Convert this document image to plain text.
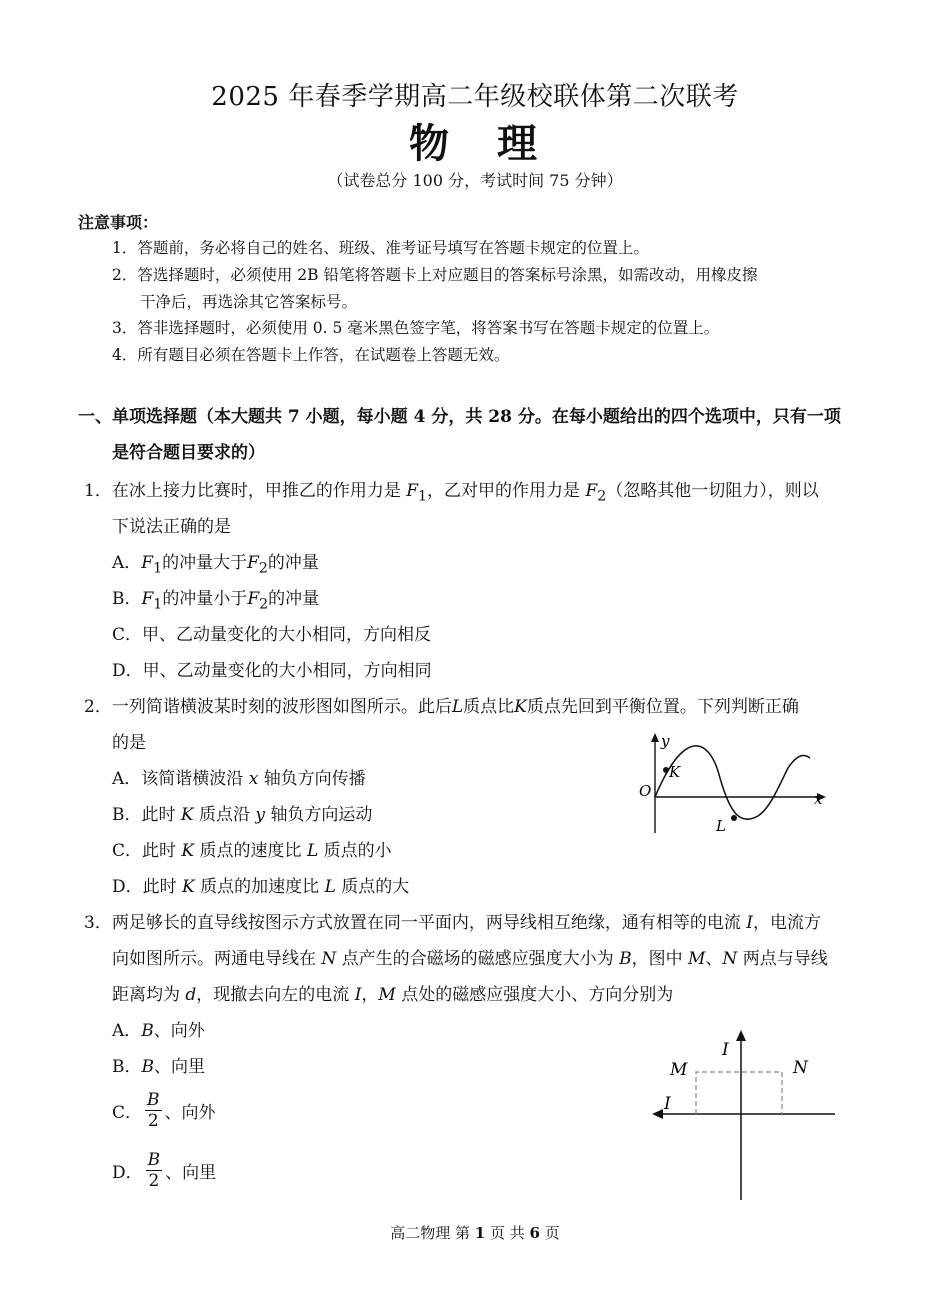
2025 年春季学期高二年级校联体第二次联考
物 理
（试卷总分 100 分，考试时间 75 分钟）
注意事项：
1．答题前，务必将自己的姓名、班级、准考证号填写在答题卡规定的位置上。
2．答选择题时，必须使用 2B 铅笔将答题卡上对应题目的答案标号涂黑，如需改动，用橡皮擦
干净后，再选涂其它答案标号。
3．答非选择题时，必须使用 0. 5 毫米黑色签字笔，将答案书写在答题卡规定的位置上。
4．所有题目必须在答题卡上作答，在试题卷上答题无效。
一、单项选择题（本大题共 7 小题，每小题 4 分，共 28 分。在每小题给出的四个选项中，只有一项
是符合题目要求的）
1．在冰上接力比赛时，甲推乙的作用力是 $F_1$，乙对甲的作用力是 $F_2$（忽略其他一切阻力），则以
下说法正确的是
A．$F_1$的冲量大于$F_2$的冲量
B．$F_1$的冲量小于$F_2$的冲量
C．甲、乙动量变化的大小相同，方向相反
D．甲、乙动量变化的大小相同，方向相同
2．一列简谐横波某时刻的波形图如图所示。此后L质点比K质点先回到平衡位置。下列判断正确
的是
A．该简谐横波沿 x 轴负方向传播
B．此时 K 质点沿 y 轴负方向运动
C．此时 K 质点的速度比 L 质点的小
D．此时 K 质点的加速度比 L 质点的大
K
L
O
y
x
3．两足够长的直导线按图示方式放置在同一平面内，两导线相互绝缘，通有相等的电流 I，电流方
向如图所示。两通电导线在 N 点产生的合磁场的磁感应强度大小为 B，图中 M、N 两点与导线
距离均为 d，现撤去向左的电流 I，M 点处的磁感应强度大小、方向分别为
A．B、向外
B．B、向里
C． $\frac{B}{2}$ 、向外
D． $\frac{B}{2}$ 、向里
I
I
M	N
高二物理 第 1 页 共 6 页
